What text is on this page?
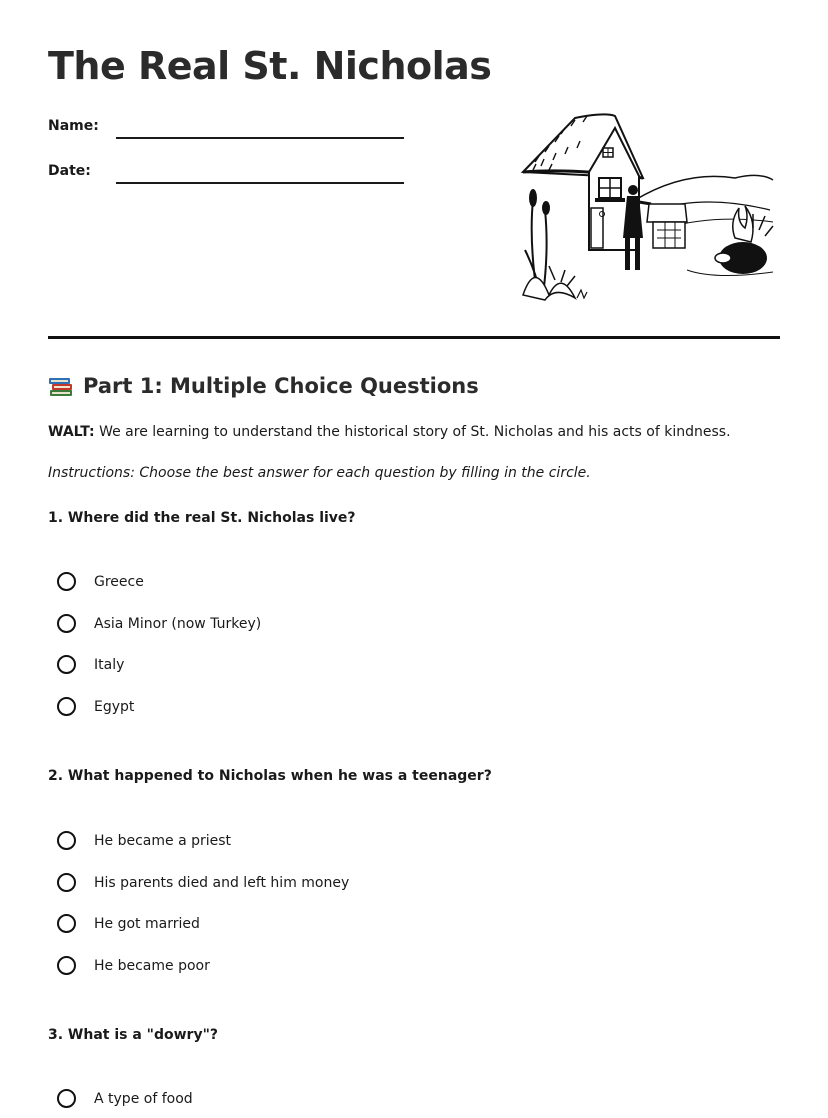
The Real St. Nicholas
Name:
Date:
Part 1: Multiple Choice Questions
WALT: We are learning to understand the historical story of St. Nicholas and his acts of kindness.
Instructions: Choose the best answer for each question by filling in the circle.
1. Where did the real St. Nicholas live?
Greece
Asia Minor (now Turkey)
Italy
Egypt
2. What happened to Nicholas when he was a teenager?
He became a priest
His parents died and left him money
He got married
He became poor
3. What is a "dowry"?
A type of food
